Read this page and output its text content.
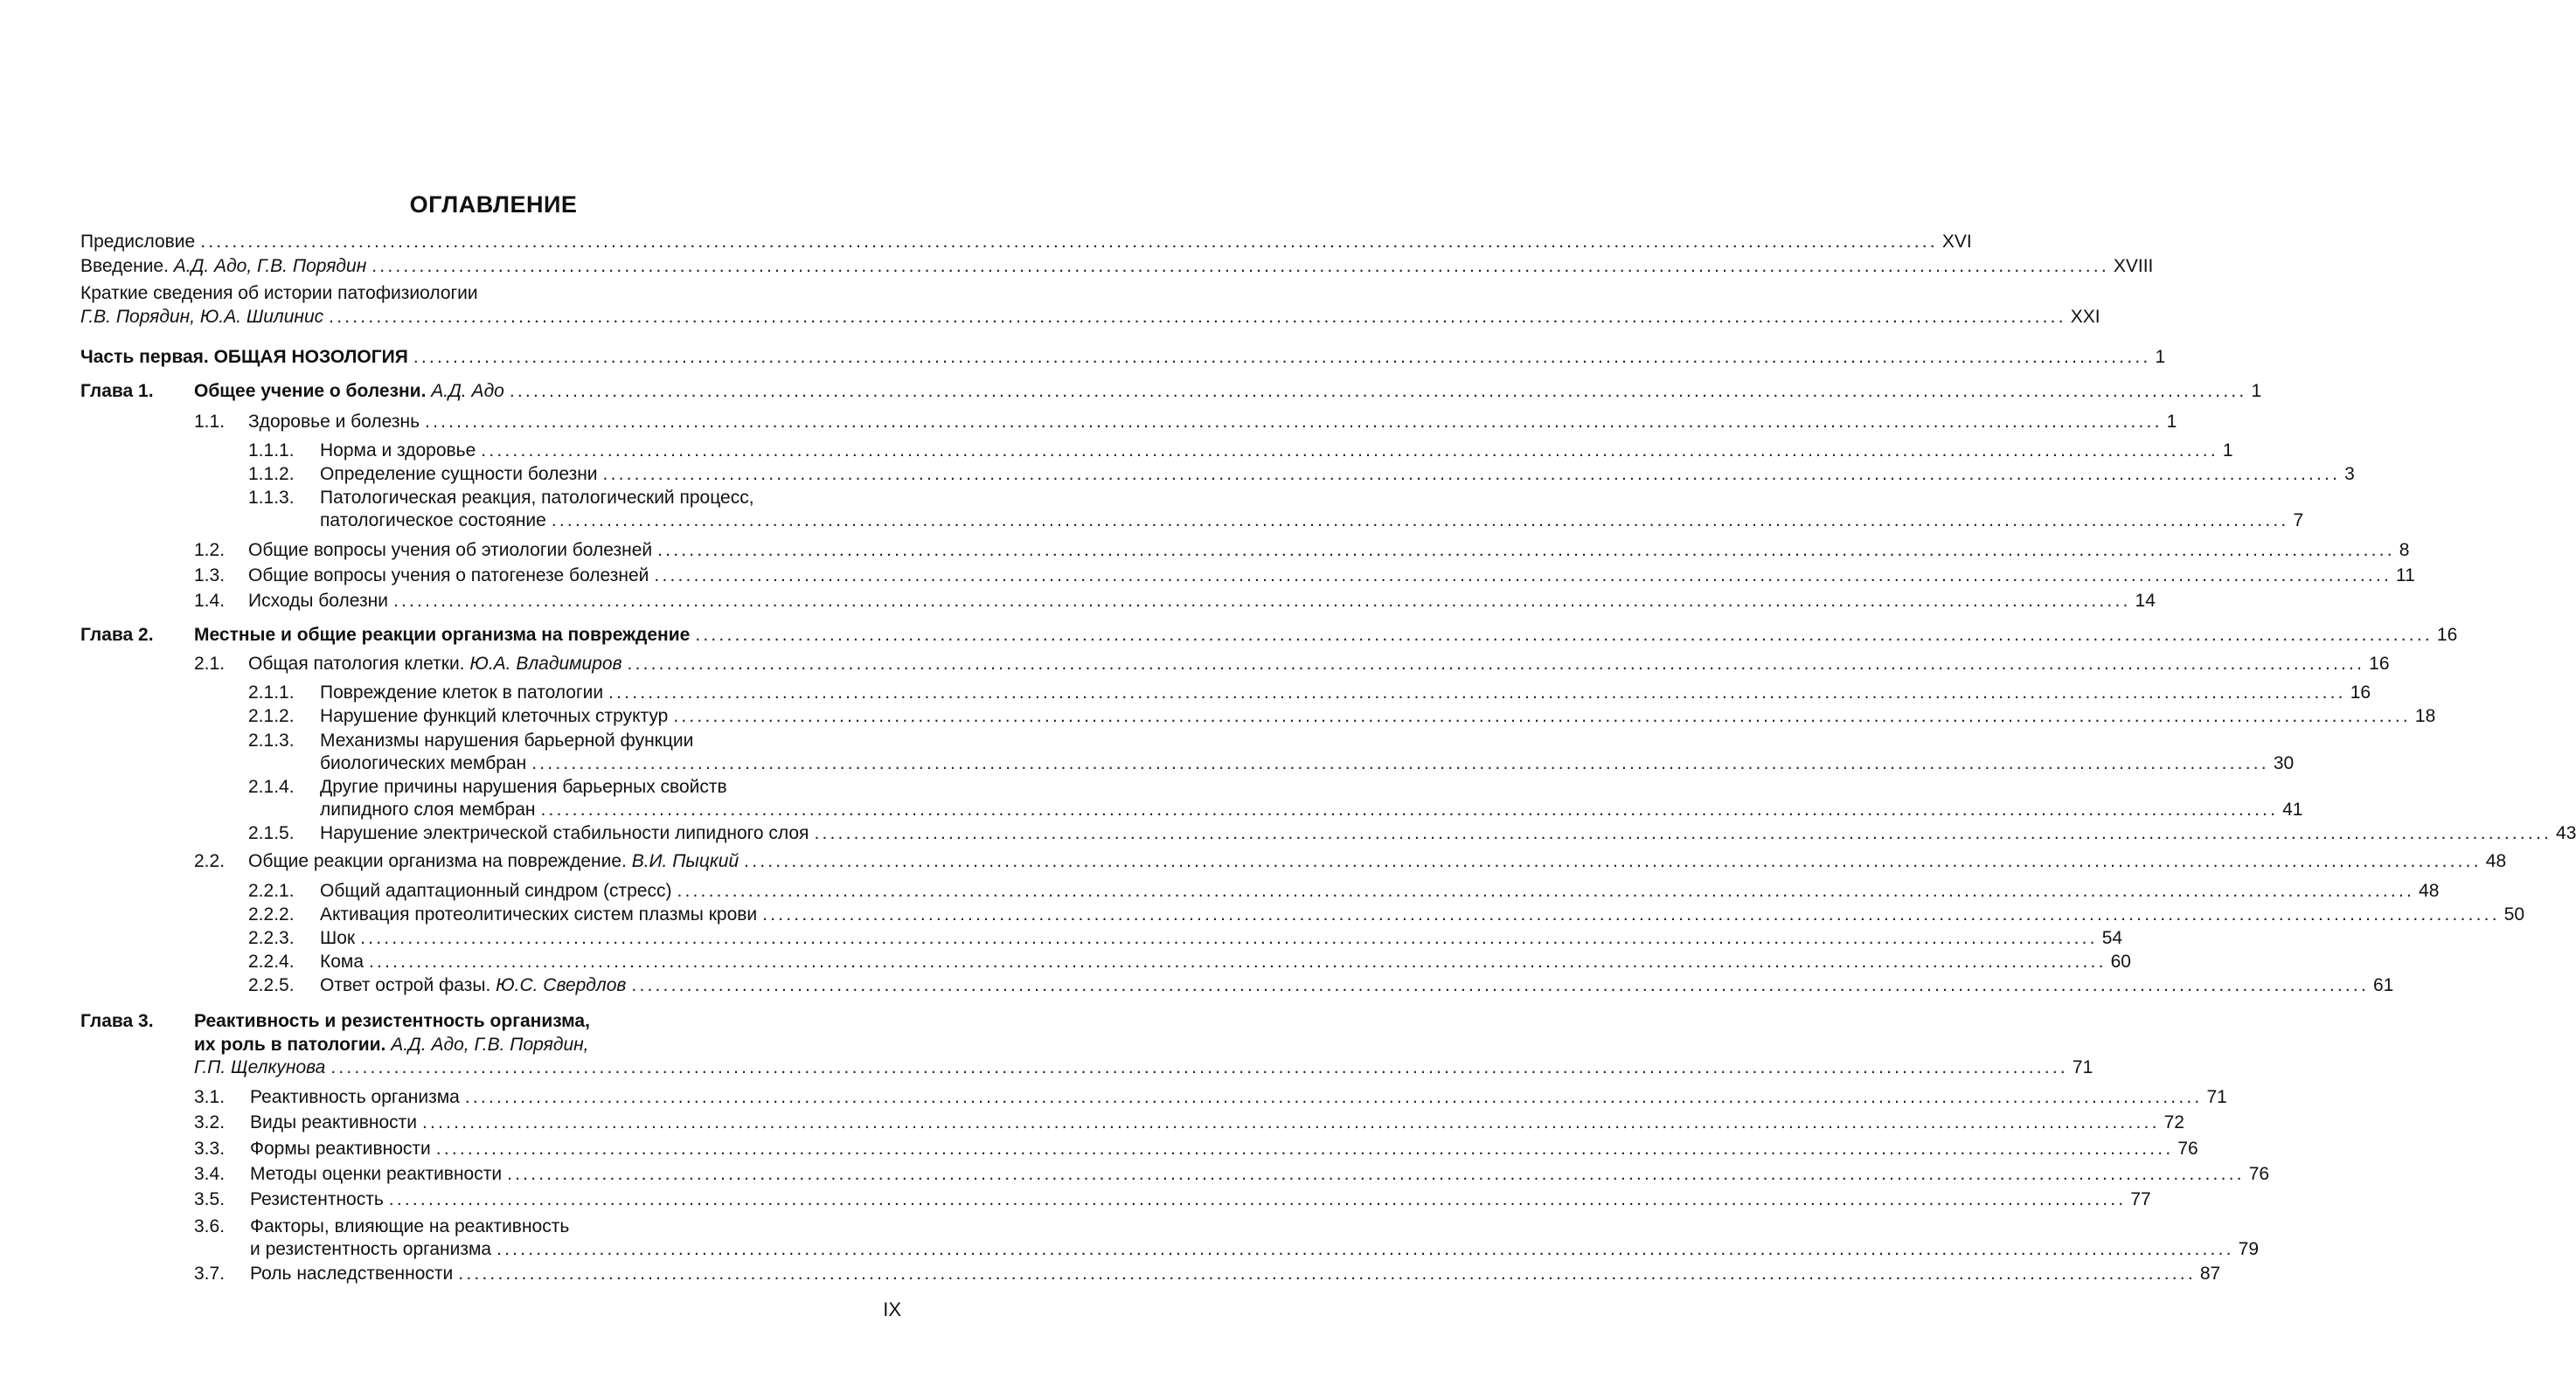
ОГЛАВЛЕНИЕ
Предисловие ............................................................................................................................................................................................................................ XVI
Введение. А.Д. Адо, Г.В. Порядин ............................................................................................................................................................................................................................ XVIII
Краткие сведения об истории патофизиологии
Г.В. Порядин, Ю.А. Шилинис ............................................................................................................................................................................................................................ XXI
Часть первая. ОБЩАЯ НОЗОЛОГИЯ ............................................................................................................................................................................................................................ 1
Глава 1. Общее учение о болезни. А.Д. Адо ............................................................................................................................................................................................................................ 1
1.1. Здоровье и болезнь ............................................................................................................................................................................................................................ 1
1.1.1. Норма и здоровье ............................................................................................................................................................................................................................ 1
1.1.2. Определение сущности болезни ............................................................................................................................................................................................................................ 3
1.1.3. Патологическая реакция, патологический процесс,
патологическое состояние ............................................................................................................................................................................................................................ 7
1.2. Общие вопросы учения об этиологии болезней ............................................................................................................................................................................................................................ 8
1.3. Общие вопросы учения о патогенезе болезней ............................................................................................................................................................................................................................ 11
1.4. Исходы болезни ............................................................................................................................................................................................................................ 14
Глава 2. Местные и общие реакции организма на повреждение ............................................................................................................................................................................................................................ 16
2.1. Общая патология клетки. Ю.А. Владимиров ............................................................................................................................................................................................................................ 16
2.1.1. Повреждение клеток в патологии ............................................................................................................................................................................................................................ 16
2.1.2. Нарушение функций клеточных структур ............................................................................................................................................................................................................................ 18
2.1.3. Механизмы нарушения барьерной функции
биологических мембран ............................................................................................................................................................................................................................ 30
2.1.4. Другие причины нарушения барьерных свойств
липидного слоя мембран ............................................................................................................................................................................................................................ 41
2.1.5. Нарушение электрической стабильности липидного слоя ............................................................................................................................................................................................................................ 43
2.2. Общие реакции организма на повреждение. В.И. Пыцкий ............................................................................................................................................................................................................................ 48
2.2.1. Общий адаптационный синдром (стресс) ............................................................................................................................................................................................................................ 48
2.2.2. Активация протеолитических систем плазмы крови ............................................................................................................................................................................................................................ 50
2.2.3. Шок ............................................................................................................................................................................................................................ 54
2.2.4. Кома ............................................................................................................................................................................................................................ 60
2.2.5. Ответ острой фазы. Ю.С. Свердлов ............................................................................................................................................................................................................................ 61
Глава 3. Реактивность и резистентность организма,
их роль в патологии. А.Д. Адо, Г.В. Порядин,
Г.П. Щелкунова ............................................................................................................................................................................................................................ 71
3.1. Реактивность организма ............................................................................................................................................................................................................................ 71
3.2. Виды реактивности ............................................................................................................................................................................................................................ 72
3.3. Формы реактивности ............................................................................................................................................................................................................................ 76
3.4. Методы оценки реактивности ............................................................................................................................................................................................................................ 76
3.5. Резистентность ............................................................................................................................................................................................................................ 77
3.6. Факторы, влияющие на реактивность
и резистентность организма ............................................................................................................................................................................................................................ 79
3.7. Роль наследственности ............................................................................................................................................................................................................................ 87
IX
